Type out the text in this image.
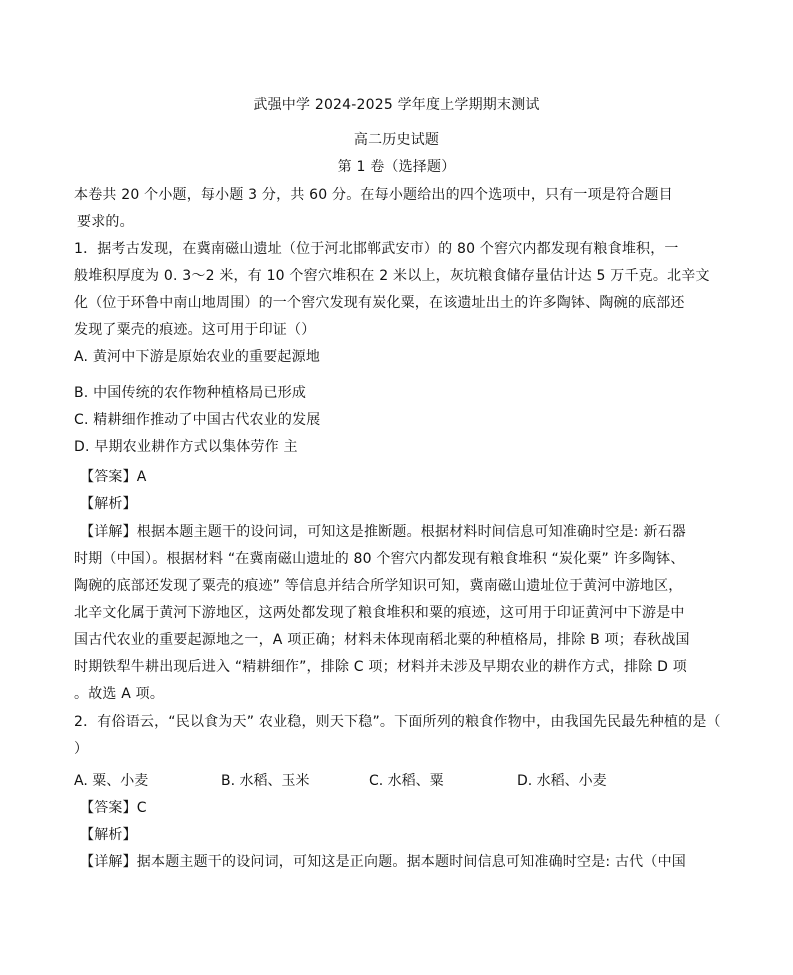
武强中学 2024-2025 学年度上学期期末测试
高二历史试题
第 1 卷（选择题）
本卷共 20 个小题，每小题 3 分，共 60 分。在每小题给出的四个选项中，只有一项是符合题目
要求的。
1．据考古发现，在冀南磁山遗址（位于河北邯郸武安市）的 80 个窖穴内都发现有粮食堆积，一
般堆积厚度为 0. 3～2 米，有 10 个窖穴堆积在 2 米以上，灰坑粮食储存量估计达 5 万千克。北辛文
化（位于环鲁中南山地周围）的一个窖穴发现有炭化粟，在该遗址出土的许多陶钵、陶碗的底部还
发现了粟壳的痕迹。这可用于印证（）
A. 黄河中下游是原始农业的重要起源地
B. 中国传统的农作物种植格局已形成
C. 精耕细作推动了中国古代农业的发展
D. 早期农业耕作方式以集体劳作 主
【答案】A
【解析】
【详解】根据本题主题干的设问词，可知这是推断题。根据材料时间信息可知准确时空是: 新石器
时期（中国）。根据材料 “在冀南磁山遗址的 80 个窖穴内都发现有粮食堆积 “炭化粟” 许多陶钵、
陶碗的底部还发现了粟壳的痕迹” 等信息并结合所学知识可知，冀南磁山遗址位于黄河中游地区，
北辛文化属于黄河下游地区，这两处都发现了粮食堆积和粟的痕迹，这可用于印证黄河中下游是中
国古代农业的重要起源地之一，A 项正确；材料未体现南稻北粟的种植格局，排除 B 项；春秋战国
时期铁犁牛耕出现后进入 “精耕细作”，排除 C 项；材料并未涉及早期农业的耕作方式，排除 D 项
。故选 A 项。
2．有俗语云，“民以食为天” 农业稳，则天下稳”。下面所列的粮食作物中，由我国先民最先种植的是（
）
A. 粟、小麦	B. 水稻、玉米	C. 水稻、粟	D. 水稻、小麦
【答案】C
【解析】
【详解】据本题主题干的设问词，可知这是正向题。据本题时间信息可知准确时空是: 古代（中国
